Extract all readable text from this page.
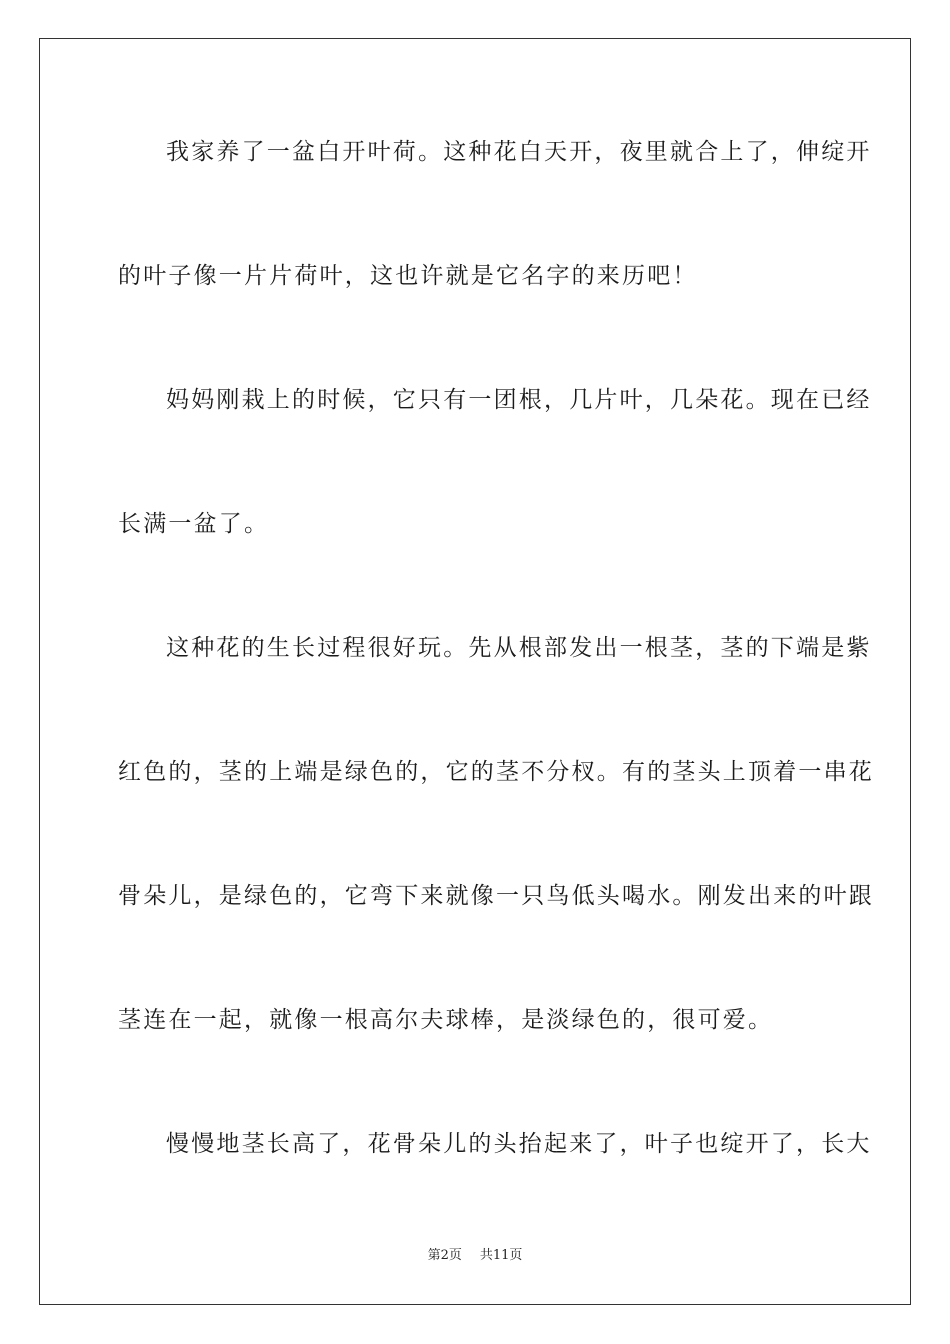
我家养了一盆白开叶荷。这种花白天开，夜里就合上了，伸绽开
的叶子像一片片荷叶，这也许就是它名字的来历吧！
妈妈刚栽上的时候，它只有一团根，几片叶，几朵花。现在已经
长满一盆了。
这种花的生长过程很好玩。先从根部发出一根茎，茎的下端是紫
红色的，茎的上端是绿色的，它的茎不分杈。有的茎头上顶着一串花
骨朵儿，是绿色的，它弯下来就像一只鸟低头喝水。刚发出来的叶跟
茎连在一起，就像一根高尔夫球棒，是淡绿色的，很可爱。
慢慢地茎长高了，花骨朵儿的头抬起来了，叶子也绽开了，长大
第2页 共11页
